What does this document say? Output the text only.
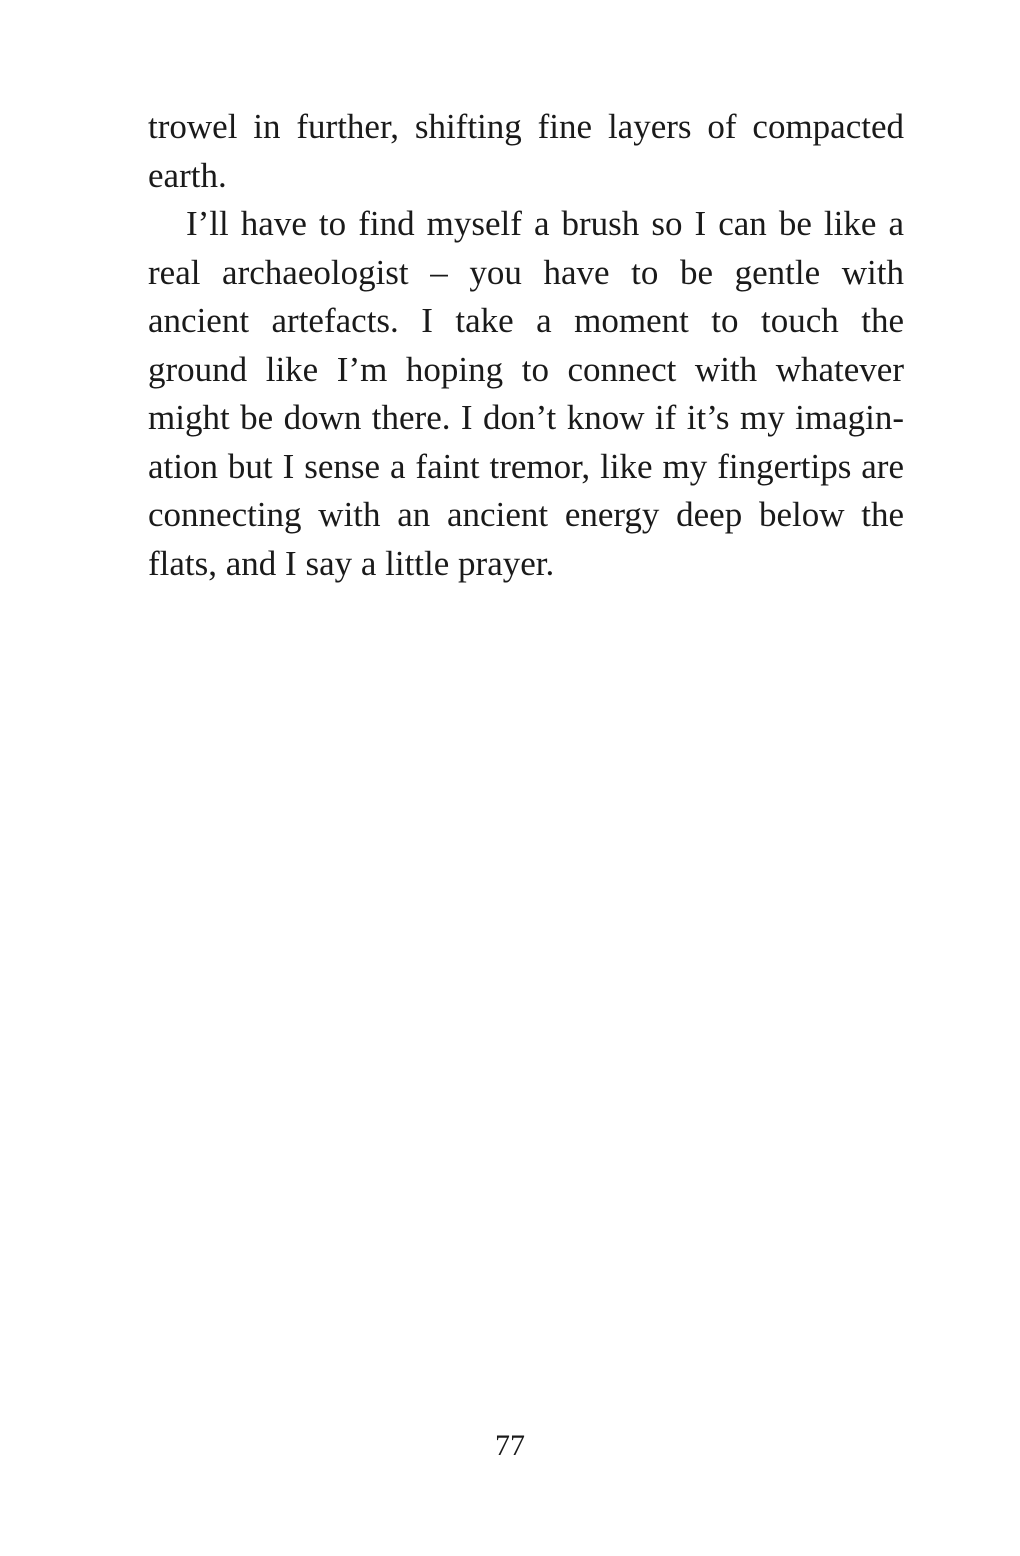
trowel in further, shifting fine layers of compacted
earth.

I’ll have to find myself a brush so I can be like a
real archaeologist – you have to be gentle with
ancient artefacts. I take a moment to touch the
ground like I’m hoping to connect with whatever
might be down there. I don’t know if it’s my imagin-
ation but I sense a faint tremor, like my fingertips are
connecting with an ancient energy deep below the
flats, and I say a little prayer.

77
